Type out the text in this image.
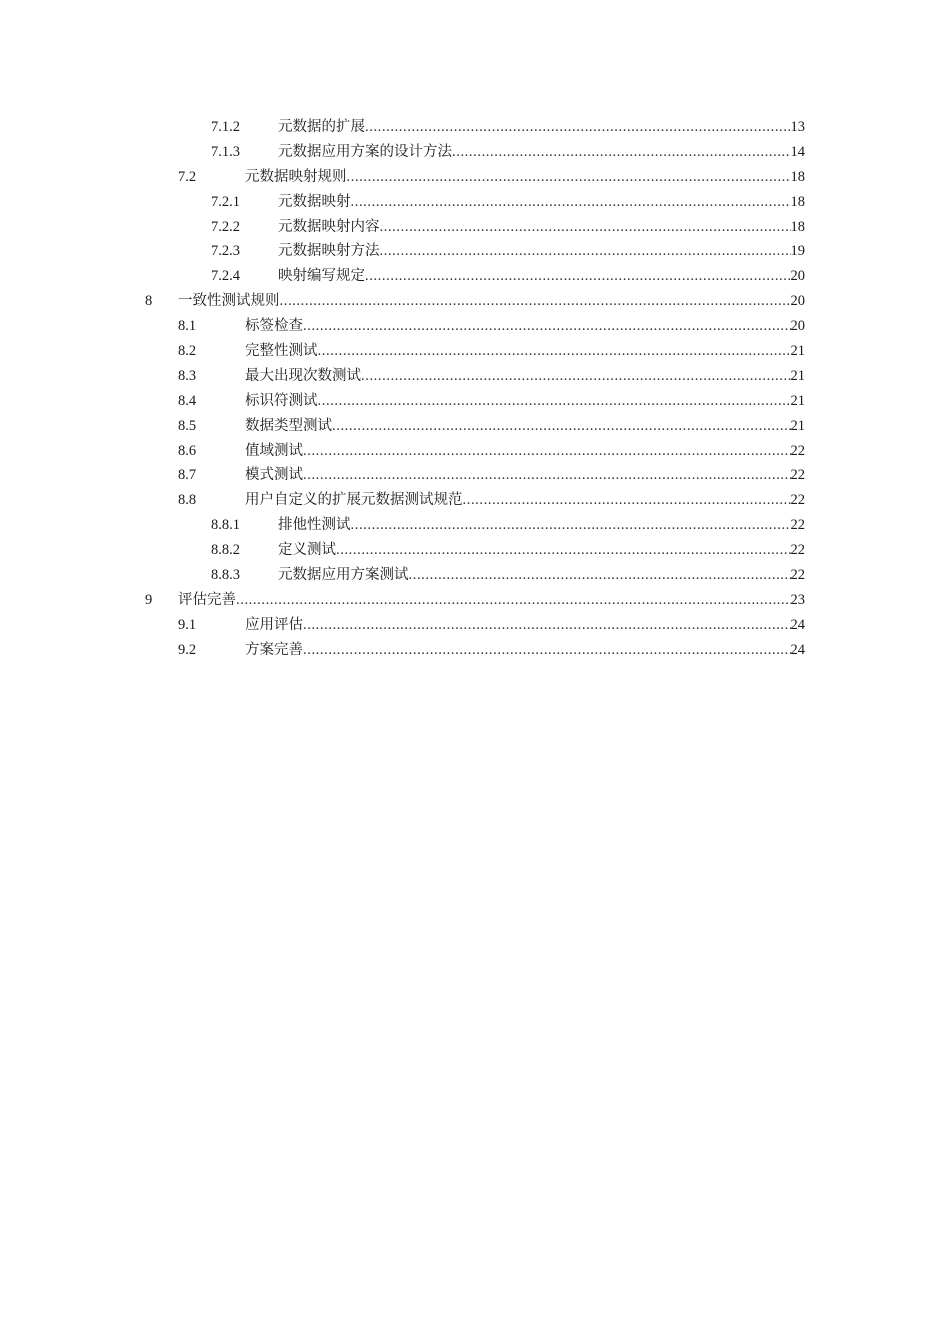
7.1.2	元数据的扩展 .....	13
7.1.3	元数据应用方案的设计方法 .....	14
7.2	元数据映射规则 .....	18
7.2.1	元数据映射 .....	18
7.2.2	元数据映射内容 .....	18
7.2.3	元数据映射方法 .....	19
7.2.4	映射编写规定 .....	20
8 一致性测试规则 .....	20
8.1	标签检查 .....	20
8.2	完整性测试 .....	21
8.3	最大出现次数测试 .....	21
8.4	标识符测试 .....	21
8.5	数据类型测试 .....	21
8.6	值域测试 .....	22
8.7	模式测试 .....	22
8.8	用户自定义的扩展元数据测试规范 .....	22
8.8.1	排他性测试 .....	22
8.8.2	定义测试 .....	22
8.8.3	元数据应用方案测试 .....	22
9 评估完善 .....	23
9.1	应用评估 .....	24
9.2	方案完善 .....	24
